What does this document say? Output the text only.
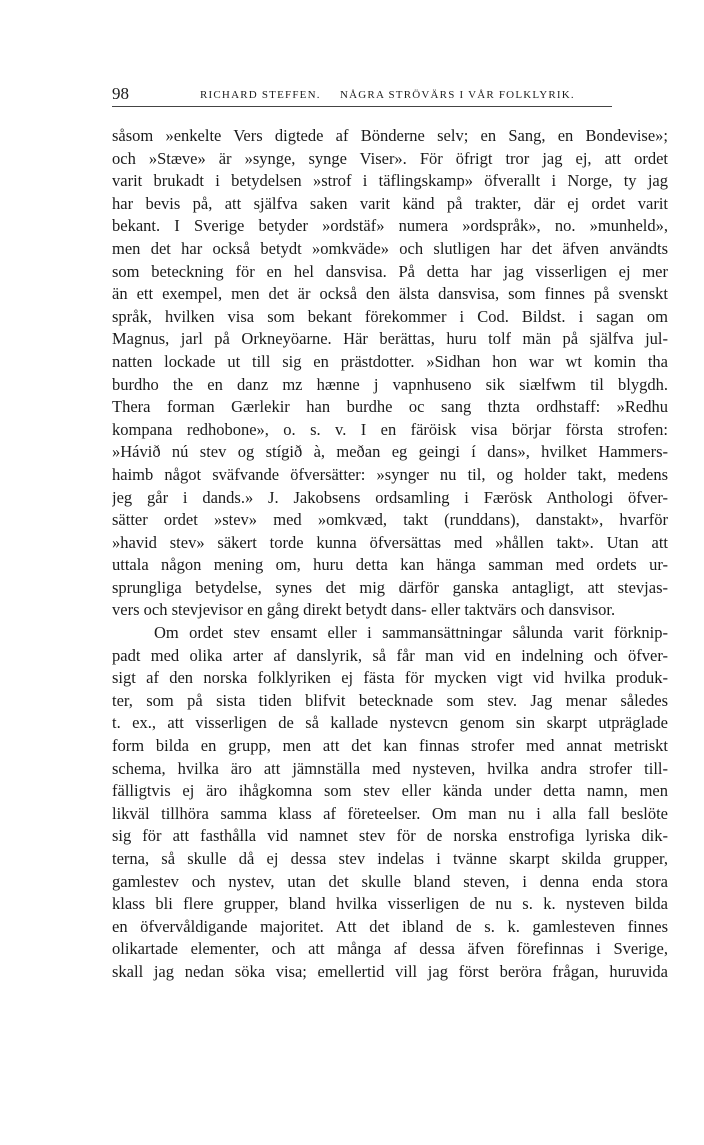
98	RICHARD STEFFEN. NÅGRA STRÖVÄRS I VÅR FOLKLYRIK.
såsom »enkelte Vers digtede af Bönderne selv; en Sang, en Bondevise»;
och »Stæve» är »synge, synge Viser». För öfrigt tror jag ej, att ordet
varit brukadt i betydelsen »strof i täflingskamp» öfverallt i Norge, ty jag
har bevis på, att själfva saken varit känd på trakter, där ej ordet varit
bekant. I Sverige betyder »ordstäf» numera »ordspråk», no. »munheld»,
men det har också betydt »omkväde» och slutligen har det äfven användts
som beteckning för en hel dansvisa. På detta har jag visserligen ej mer
än ett exempel, men det är också den älsta dansvisa, som finnes på svenskt
språk, hvilken visa som bekant förekommer i Cod. Bildst. i sagan om
Magnus, jarl på Orkneyöarne. Här berättas, huru tolf män på själfva jul-
natten lockade ut till sig en prästdotter. »Sidhan hon war wt komin tha
burdho the en danz mz hænne j vapnhuseno sik siælfwm til blygdh.
Thera forman Gærlekir han burdhe oc sang thzta ordhstaff: »Redhu
kompana redhobone», o. s. v. I en färöisk visa börjar första strofen:
»Hávið nú stev og stígið à, meðan eg geingi í dans», hvilket Hammers-
haimb något sväfvande öfversätter: »synger nu til, og holder takt, medens
jeg går i dands.» J. Jakobsens ordsamling i Færösk Anthologi öfver-
sätter ordet »stev» med »omkvæd, takt (runddans), danstakt», hvarför
»havid stev» säkert torde kunna öfversättas med »hållen takt». Utan att
uttala någon mening om, huru detta kan hänga samman med ordets ur-
sprungliga betydelse, synes det mig därför ganska antagligt, att stevjas-
vers och stevjevisor en gång direkt betydt dans- eller taktvärs och dansvisor.
Om ordet stev ensamt eller i sammansättningar sålunda varit förknip-
padt med olika arter af danslyrik, så får man vid en indelning och öfver-
sigt af den norska folklyriken ej fästa för mycken vigt vid hvilka produk-
ter, som på sista tiden blifvit betecknade som stev. Jag menar således
t. ex., att visserligen de så kallade nystevcn genom sin skarpt utpräglade
form bilda en grupp, men att det kan finnas strofer med annat metriskt
schema, hvilka äro att jämnställa med nysteven, hvilka andra strofer till-
fälligtvis ej äro ihågkomna som stev eller kända under detta namn, men
likväl tillhöra samma klass af företeelser. Om man nu i alla fall beslöte
sig för att fasthålla vid namnet stev för de norska enstrofiga lyriska dik-
terna, så skulle då ej dessa stev indelas i tvänne skarpt skilda grupper,
gamlestev och nystev, utan det skulle bland steven, i denna enda stora
klass bli flere grupper, bland hvilka visserligen de nu s. k. nysteven bilda
en öfvervåldigande majoritet. Att det ibland de s. k. gamlesteven finnes
olikartade elementer, och att många af dessa äfven förefinnas i Sverige,
skall jag nedan söka visa; emellertid vill jag först beröra frågan, huruvida
